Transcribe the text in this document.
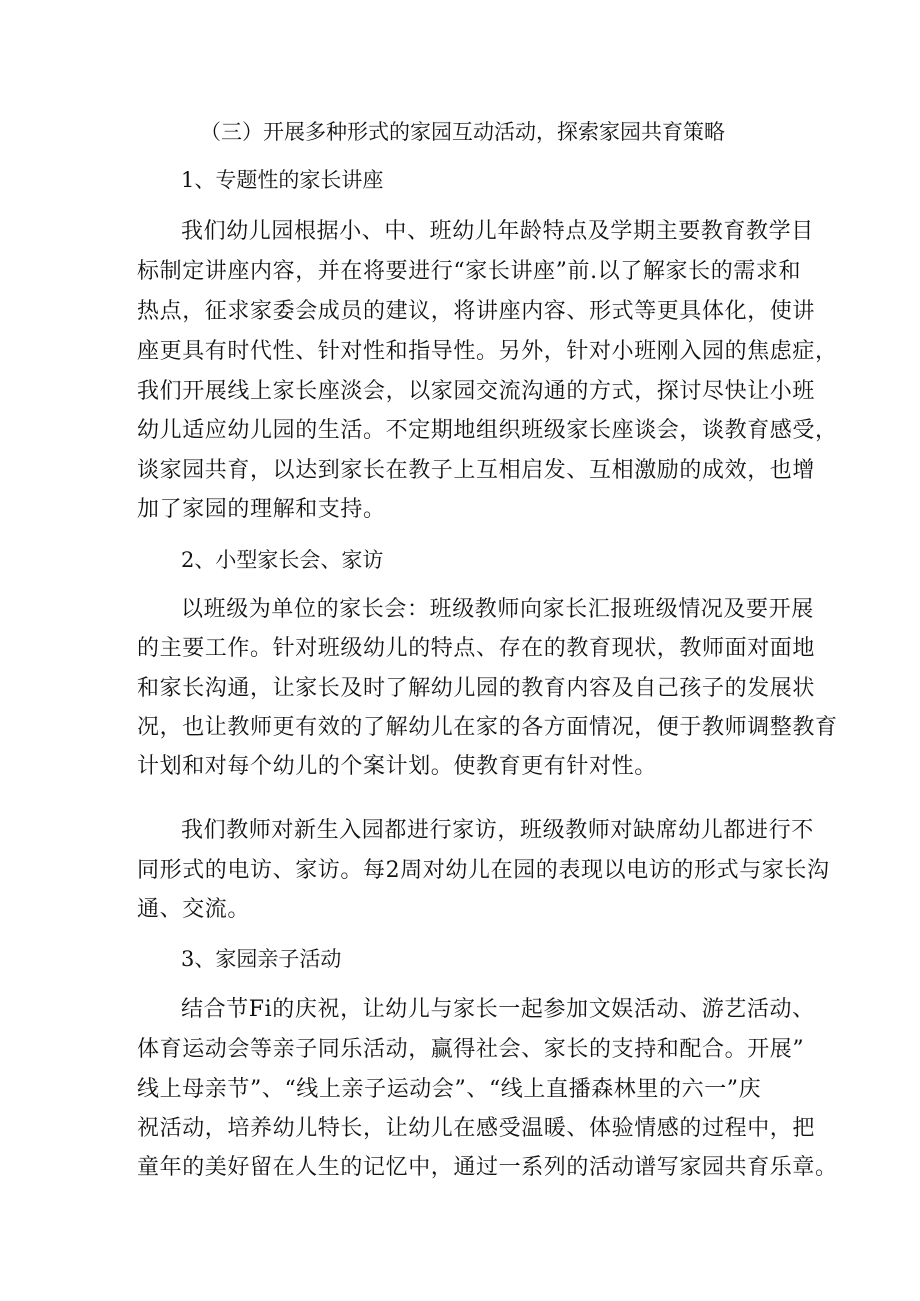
（三）开展多种形式的家园互动活动，探索家园共育策略
1、专题性的家长讲座
我们幼儿园根据小、中、班幼儿年龄特点及学期主要教育教学目
标制定讲座内容，并在将要进行“家长讲座”前.以了解家长的需求和
热点，征求家委会成员的建议，将讲座内容、形式等更具体化，使讲
座更具有时代性、针对性和指导性。另外，针对小班刚入园的焦虑症，
我们开展线上家长座淡会，以家园交流沟通的方式，探讨尽快让小班
幼儿适应幼儿园的生活。不定期地组织班级家长座谈会，谈教育感受，
谈家园共育，以达到家长在教子上互相启发、互相激励的成效，也增
加了家园的理解和支持。
2、小型家长会、家访
以班级为单位的家长会：班级教师向家长汇报班级情况及要开展
的主要工作。针对班级幼儿的特点、存在的教育现状，教师面对面地
和家长沟通，让家长及时了解幼儿园的教育内容及自己孩子的发展状
况，也让教师更有效的了解幼儿在家的各方面情况，便于教师调整教育
计划和对每个幼儿的个案计划。使教育更有针对性。
我们教师对新生入园都进行家访，班级教师对缺席幼儿都进行不
同形式的电访、家访。每2周对幼儿在园的表现以电访的形式与家长沟
通、交流。
3、家园亲子活动
结合节Fi的庆祝，让幼儿与家长一起参加文娱活动、游艺活动、
体育运动会等亲子同乐活动，赢得社会、家长的支持和配合。开展”
线上母亲节”、“线上亲子运动会”、“线上直播森林里的六一”庆
祝活动，培养幼儿特长，让幼儿在感受温暖、体验情感的过程中，把
童年的美好留在人生的记忆中，通过一系列的活动谱写家园共育乐章。
